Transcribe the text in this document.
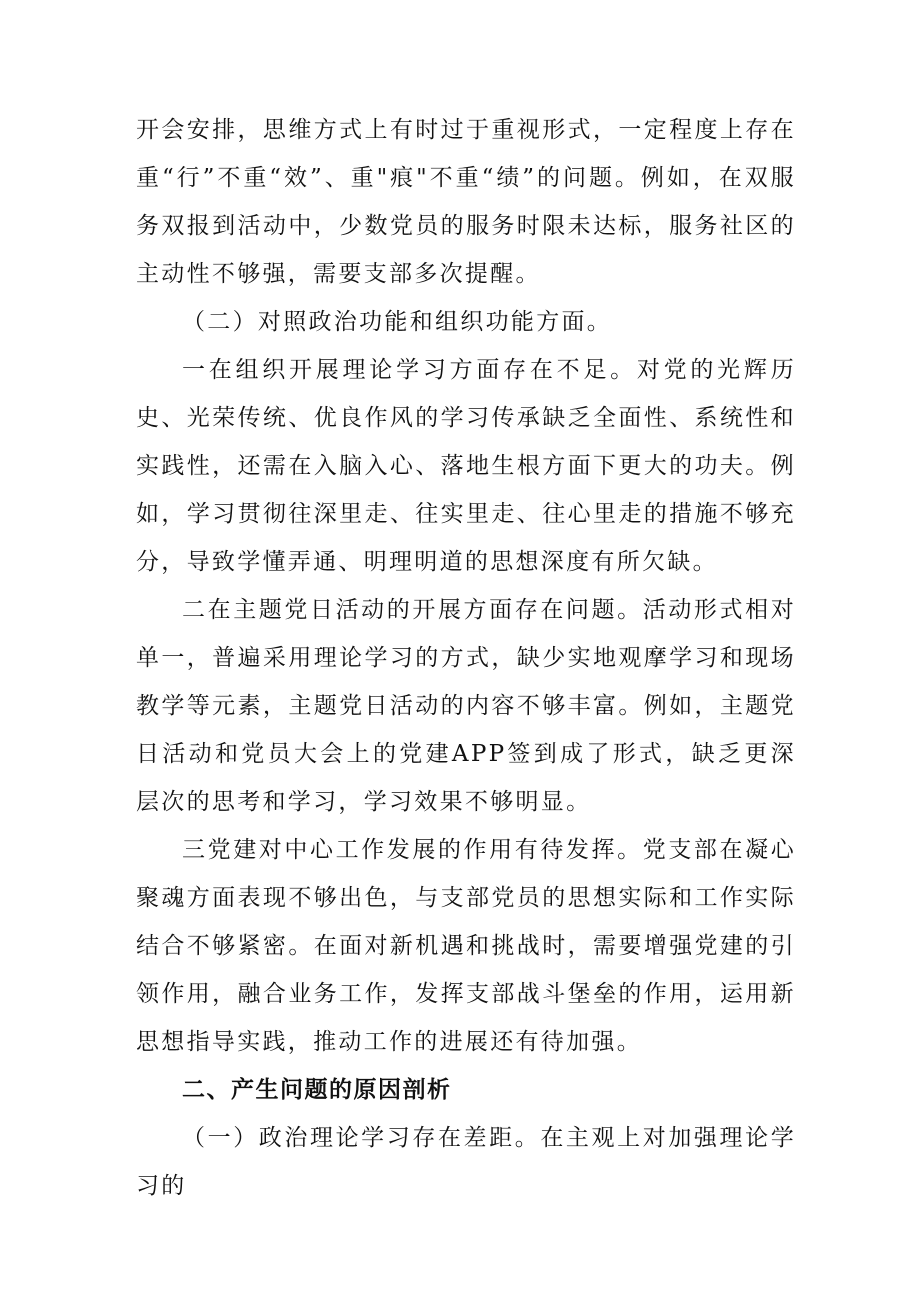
开会安排，思维方式上有时过于重视形式，一定程度上存在重“行”不重“效”、重"痕"不重“绩”的问题。例如，在双服务双报到活动中，少数党员的服务时限未达标，服务社区的主动性不够强，需要支部多次提醒。

（二）对照政治功能和组织功能方面。

一在组织开展理论学习方面存在不足。对党的光辉历史、光荣传统、优良作风的学习传承缺乏全面性、系统性和实践性，还需在入脑入心、落地生根方面下更大的功夫。例如，学习贯彻往深里走、往实里走、往心里走的措施不够充分，导致学懂弄通、明理明道的思想深度有所欠缺。

二在主题党日活动的开展方面存在问题。活动形式相对单一，普遍采用理论学习的方式，缺少实地观摩学习和现场教学等元素，主题党日活动的内容不够丰富。例如，主题党日活动和党员大会上的党建APP签到成了形式，缺乏更深层次的思考和学习，学习效果不够明显。

三党建对中心工作发展的作用有待发挥。党支部在凝心聚魂方面表现不够出色，与支部党员的思想实际和工作实际结合不够紧密。在面对新机遇和挑战时，需要增强党建的引领作用，融合业务工作，发挥支部战斗堡垒的作用，运用新思想指导实践，推动工作的进展还有待加强。

二、产生问题的原因剖析

（一）政治理论学习存在差距。在主观上对加强理论学习的
